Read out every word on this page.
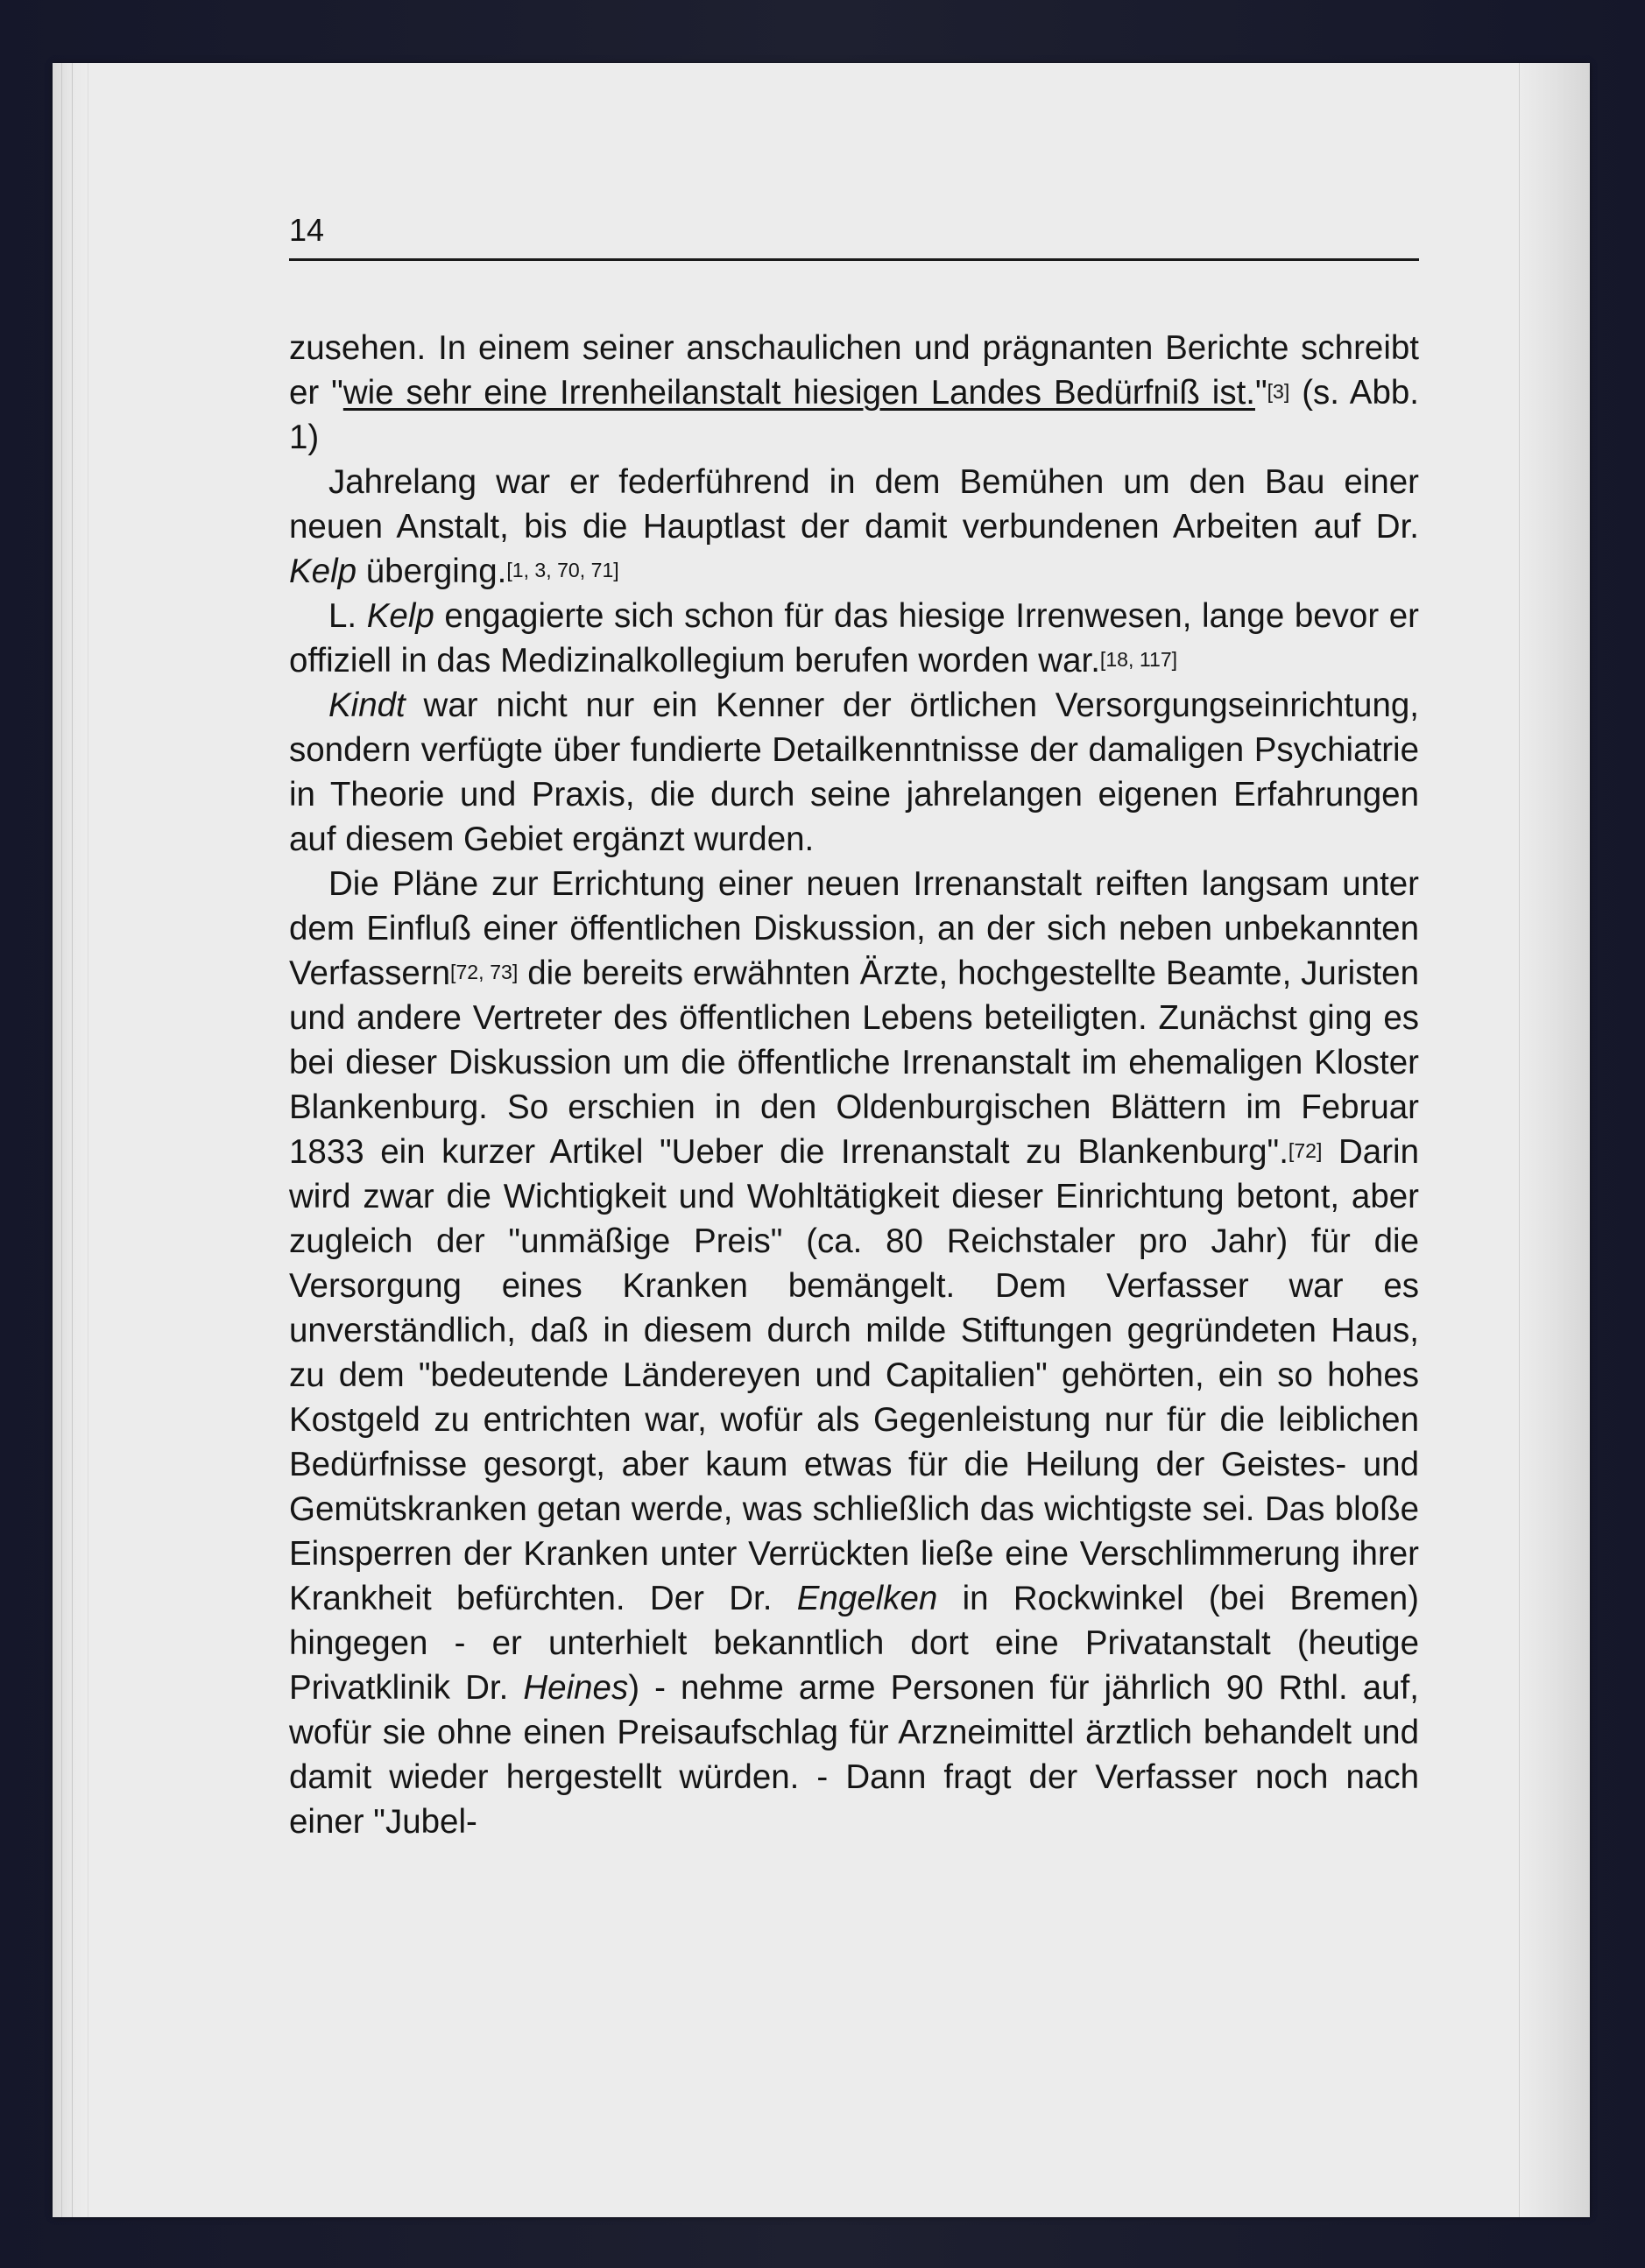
14

zusehen. In einem seiner anschaulichen und prägnanten Berichte schreibt er "wie sehr eine Irrenheilanstalt hiesigen Landes Bedürfniß ist."[3] (s. Abb. 1)

Jahrelang war er federführend in dem Bemühen um den Bau einer neuen Anstalt, bis die Hauptlast der damit verbundenen Arbeiten auf Dr. Kelp überging.[1, 3, 70, 71]

L. Kelp engagierte sich schon für das hiesige Irrenwesen, lange bevor er offiziell in das Medizinalkollegium berufen worden war.[18, 117]

Kindt war nicht nur ein Kenner der örtlichen Versorgungseinrichtung, sondern verfügte über fundierte Detailkenntnisse der damaligen Psychiatrie in Theorie und Praxis, die durch seine jahrelangen eigenen Erfahrungen auf diesem Gebiet ergänzt wurden.

Die Pläne zur Errichtung einer neuen Irrenanstalt reiften langsam unter dem Einfluß einer öffentlichen Diskussion, an der sich neben unbekannten Verfassern[72, 73] die bereits erwähnten Ärzte, hochgestellte Beamte, Juristen und andere Vertreter des öffentlichen Lebens beteiligten. Zunächst ging es bei dieser Diskussion um die öffentliche Irrenanstalt im ehemaligen Kloster Blankenburg. So erschien in den Oldenburgischen Blättern im Februar 1833 ein kurzer Artikel "Ueber die Irrenanstalt zu Blankenburg".[72] Darin wird zwar die Wichtigkeit und Wohltätigkeit dieser Einrichtung betont, aber zugleich der "unmäßige Preis" (ca. 80 Reichstaler pro Jahr) für die Versorgung eines Kranken bemängelt. Dem Verfasser war es unverständlich, daß in diesem durch milde Stiftungen gegründeten Haus, zu dem "bedeutende Ländereyen und Capitalien" gehörten, ein so hohes Kostgeld zu entrichten war, wofür als Gegenleistung nur für die leiblichen Bedürfnisse gesorgt, aber kaum etwas für die Heilung der Geistes- und Gemütskranken getan werde, was schließlich das wichtigste sei. Das bloße Einsperren der Kranken unter Verrückten ließe eine Verschlimmerung ihrer Krankheit befürchten. Der Dr. Engelken in Rockwinkel (bei Bremen) hingegen - er unterhielt bekanntlich dort eine Privatanstalt (heutige Privatklinik Dr. Heines) - nehme arme Personen für jährlich 90 Rthl. auf, wofür sie ohne einen Preisaufschlag für Arzneimittel ärztlich behandelt und damit wieder hergestellt würden. - Dann fragt der Verfasser noch nach einer "Jubel-
